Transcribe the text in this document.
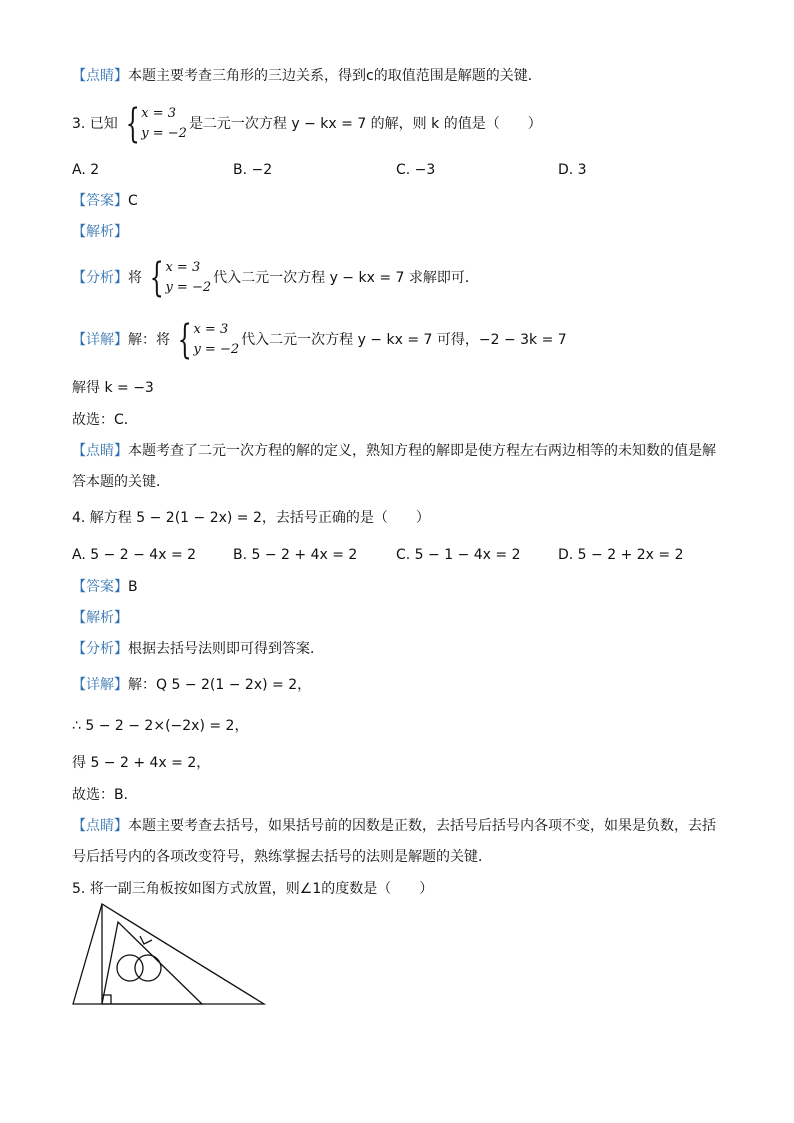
【点睛】本题主要考查三角形的三边关系，得到c的取值范围是解题的关键．
3. 已知 { x = 3
y = −2
是二元一次方程 y − kx = 7 的解，则 k 的值是（　　）
A. 2	B. −2	C. −3	D. 3
【答案】C
【解析】
【分析】 将 { x = 3
y = −2
代入二元一次方程 y − kx = 7 求解即可．
【详解】 解：将 { x = 3
y = −2
代入二元一次方程 y − kx = 7 可得，−2 − 3k = 7
解得 k = −3
故选：C．
【点睛】本题考查了二元一次方程的解的定义，熟知方程的解即是使方程左右两边相等的未知数的值是解
答本题的关键．
4. 解方程 5 − 2(1 − 2x) = 2，去括号正确的是（　　）
A. 5 − 2 − 4x = 2	B. 5 − 2 + 4x = 2	C. 5 − 1 − 4x = 2	D. 5 − 2 + 2x = 2
【答案】B
【解析】
【分析】根据去括号法则即可得到答案．
【详解】解：Q 5 − 2(1 − 2x) = 2，
∴ 5 − 2 − 2×(−2x) = 2，
得 5 − 2 + 4x = 2，
故选：B．
【点睛】本题主要考查去括号，如果括号前的因数是正数，去括号后括号内各项不变，如果是负数，去括
号后括号内的各项改变符号，熟练掌握去括号的法则是解题的关键．
5. 将一副三角板按如图方式放置，则∠1的度数是（　　）
